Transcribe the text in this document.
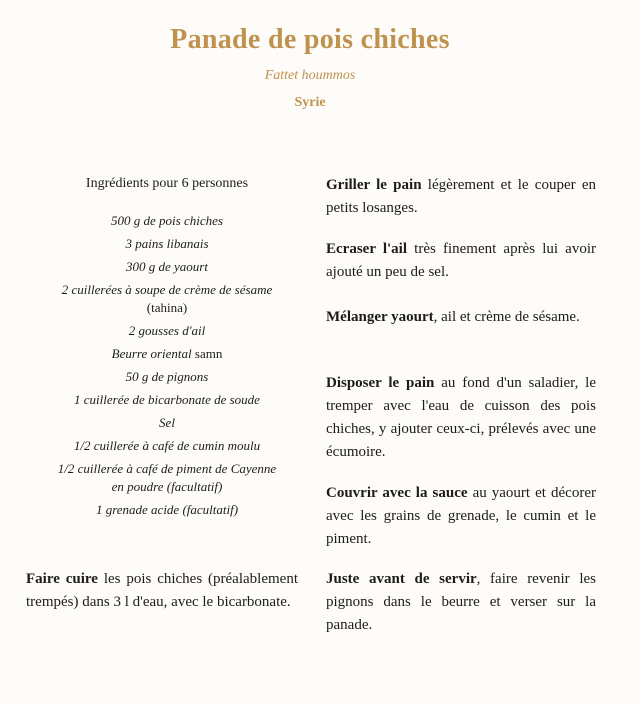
Panade de pois chiches
Fattet hoummos
Syrie
Ingrédients pour 6 personnes
500 g de pois chiches
3 pains libanais
300 g de yaourt
2 cuillerées à soupe de crème de sésame
(tahina)
2 gousses d'ail
Beurre oriental samn
50 g de pignons
1 cuillerée de bicarbonate de soude
Sel
1/2 cuillerée à café de cumin moulu
1/2 cuillerée à café de piment de Cayenne
en poudre (facultatif)
1 grenade acide (facultatif)

Faire cuire les pois chiches (préalablement trempés) dans 3 l d'eau, avec le bicarbonate.

Griller le pain légèrement et le couper en petits losanges.

Ecraser l'ail très finement après lui avoir ajouté un peu de sel.

Mélanger yaourt, ail et crème de sésame.

Disposer le pain au fond d'un saladier, le tremper avec l'eau de cuisson des pois chiches, y ajouter ceux-ci, prélevés avec une écumoire.

Couvrir avec la sauce au yaourt et décorer avec les grains de grenade, le cumin et le piment.

Juste avant de servir, faire revenir les pignons dans le beurre et verser sur la panade.
